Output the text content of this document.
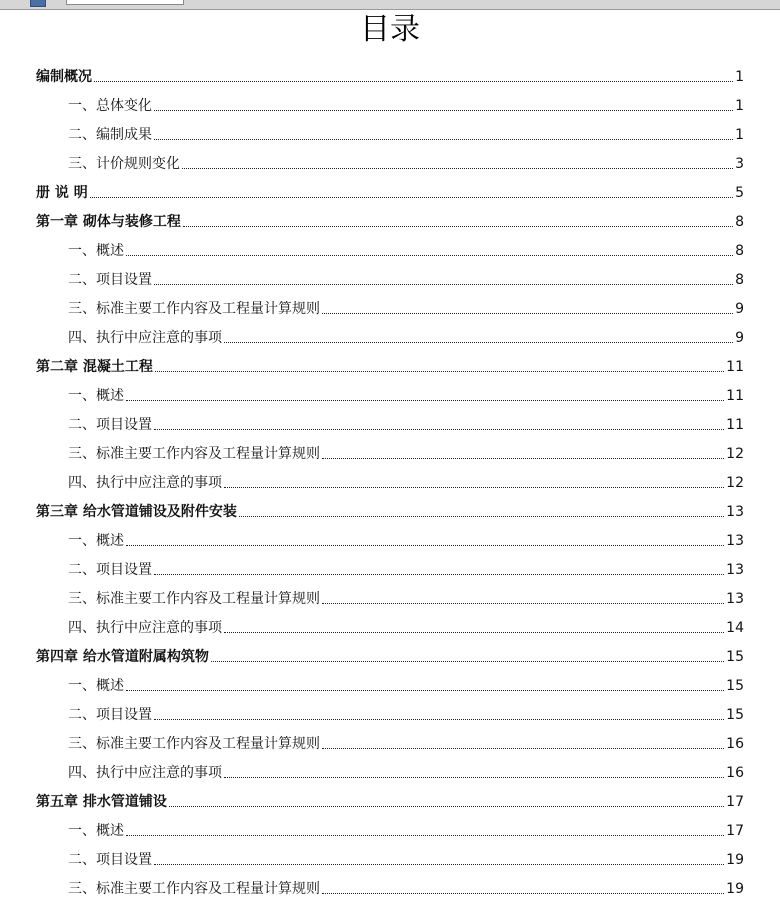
目录
编制概况	1
一、总体变化	1
二、编制成果	1
三、计价规则变化	3
册 说 明	5
第一章 砌体与装修工程	8
一、概述	8
二、项目设置	8
三、标准主要工作内容及工程量计算规则	9
四、执行中应注意的事项	9
第二章 混凝土工程	11
一、概述	11
二、项目设置	11
三、标准主要工作内容及工程量计算规则	12
四、执行中应注意的事项	12
第三章 给水管道铺设及附件安装	13
一、概述	13
二、项目设置	13
三、标准主要工作内容及工程量计算规则	13
四、执行中应注意的事项	14
第四章 给水管道附属构筑物	15
一、概述	15
二、项目设置	15
三、标准主要工作内容及工程量计算规则	16
四、执行中应注意的事项	16
第五章 排水管道铺设	17
一、概述	17
二、项目设置	19
三、标准主要工作内容及工程量计算规则	19
